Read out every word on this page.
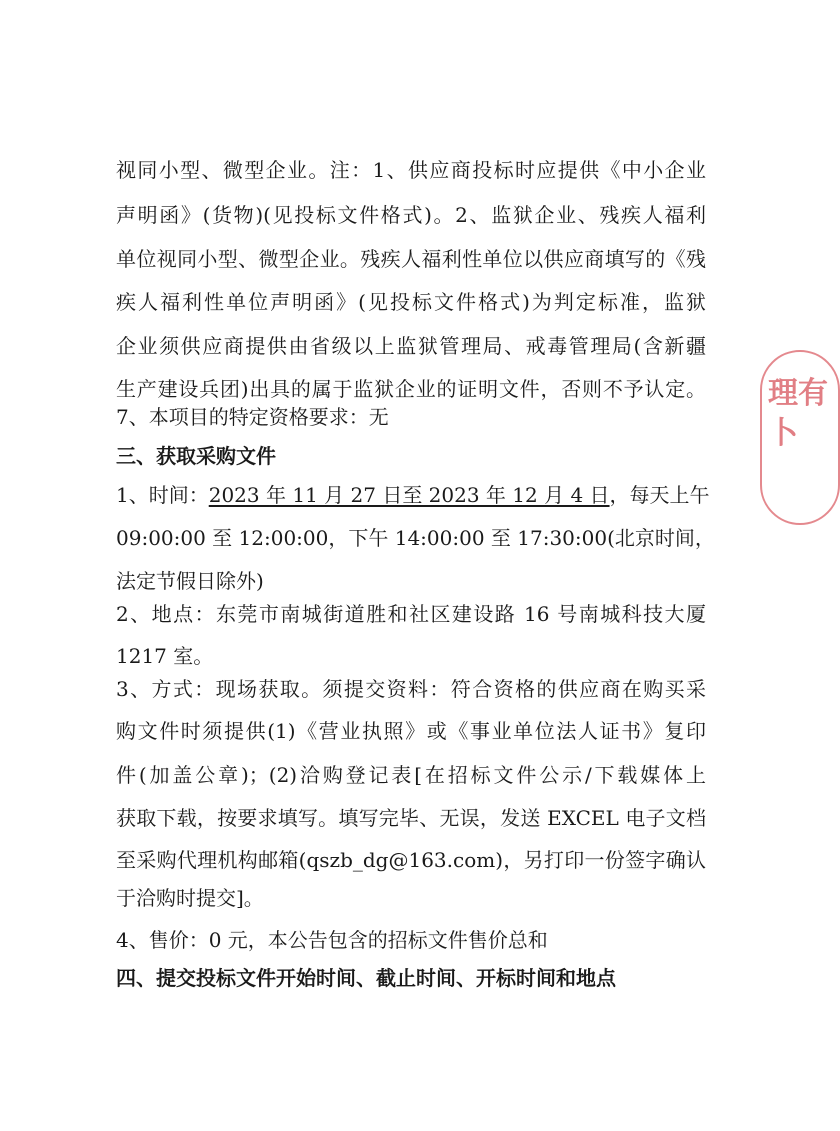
视同小型、微型企业。注：1、供应商投标时应提供《中小企业
声明函》(货物)(见投标文件格式)。2、监狱企业、残疾人福利
单位视同小型、微型企业。残疾人福利性单位以供应商填写的《残
疾人福利性单位声明函》(见投标文件格式)为判定标准，监狱
企业须供应商提供由省级以上监狱管理局、戒毒管理局(含新疆
生产建设兵团)出具的属于监狱企业的证明文件，否则不予认定。
7、本项目的特定资格要求：无
三、获取采购文件
1、时间：2023 年 11 月 27 日至 2023 年 12 月 4 日，每天上午
09:00:00 至 12:00:00，下午 14:00:00 至 17:30:00(北京时间，
法定节假日除外)
2、地点：东莞市南城街道胜和社区建设路 16 号南城科技大厦
1217 室。
3、方式：现场获取。须提交资料：符合资格的供应商在购买采
购文件时须提供(1)《营业执照》或《事业单位法人证书》复印
件(加盖公章)；(2)洽购登记表[在招标文件公示/下载媒体上
获取下载，按要求填写。填写完毕、无误，发送 EXCEL 电子文档
至采购代理机构邮箱(qszb_dg@163.com)，另打印一份签字确认
于洽购时提交]。
4、售价：0 元，本公告包含的招标文件售价总和
四、提交投标文件开始时间、截止时间、开标时间和地点
理有
卜
